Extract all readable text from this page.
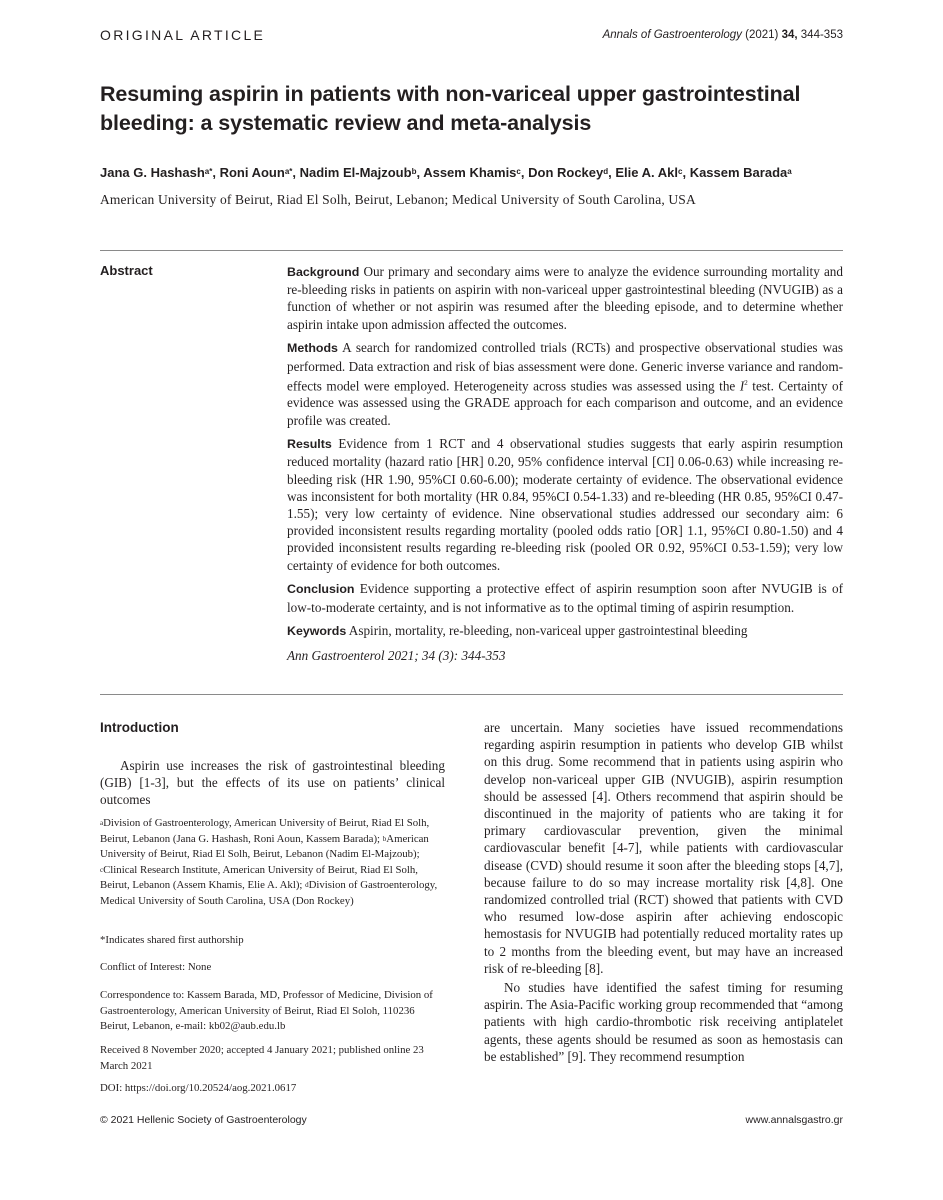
ORIGINAL ARTICLE	Annals of Gastroenterology (2021) 34, 344-353
Resuming aspirin in patients with non-variceal upper gastrointestinal bleeding: a systematic review and meta-analysis
Jana G. Hashash$^{a*}$, Roni Aoun$^{a*}$, Nadim El-Majzoub$^b$, Assem Khamis$^c$, Don Rockey$^d$, Elie A. Akl$^c$, Kassem Barada$^a$
American University of Beirut, Riad El Solh, Beirut, Lebanon; Medical University of South Carolina, USA
Abstract	Background Our primary and secondary aims were to analyze the evidence surrounding mortality and re-bleeding risks in patients on aspirin with non-variceal upper gastrointestinal bleeding (NVUGIB) as a function of whether or not aspirin was resumed after the bleeding episode, and to determine whether aspirin intake upon admission affected the outcomes.

Methods A search for randomized controlled trials (RCTs) and prospective observational studies was performed. Data extraction and risk of bias assessment were done. Generic inverse variance and random-effects model were employed. Heterogeneity across studies was assessed using the $I^2$ test. Certainty of evidence was assessed using the GRADE approach for each comparison and outcome, and an evidence profile was created.

Results Evidence from 1 RCT and 4 observational studies suggests that early aspirin resumption reduced mortality (hazard ratio [HR] 0.20, 95% confidence interval [CI] 0.06-0.63) while increasing re-bleeding risk (HR 1.90, 95%CI 0.60-6.00); moderate certainty of evidence. The observational evidence was inconsistent for both mortality (HR 0.84, 95%CI 0.54-1.33) and re-bleeding (HR 0.85, 95%CI 0.47-1.55); very low certainty of evidence. Nine observational studies addressed our secondary aim: 6 provided inconsistent results regarding mortality (pooled odds ratio [OR] 1.1, 95%CI 0.80-1.50) and 4 provided inconsistent results regarding re-bleeding risk (pooled OR 0.92, 95%CI 0.53-1.59); very low certainty of evidence for both outcomes.

Conclusion Evidence supporting a protective effect of aspirin resumption soon after NVUGIB is of low-to-moderate certainty, and is not informative as to the optimal timing of aspirin resumption.

Keywords Aspirin, mortality, re-bleeding, non-variceal upper gastrointestinal bleeding

Ann Gastroenterol 2021; 34 (3): 344-353

Introduction

Aspirin use increases the risk of gastrointestinal bleeding (GIB) [1-3], but the effects of its use on patients’ clinical outcomes

$^a$Division of Gastroenterology, American University of Beirut, Riad El Solh, Beirut, Lebanon (Jana G. Hashash, Roni Aoun, Kassem Barada); $^b$American University of Beirut, Riad El Solh, Beirut, Lebanon (Nadim El-Majzoub); $^c$Clinical Research Institute, American University of Beirut, Riad El Solh, Beirut, Lebanon (Assem Khamis, Elie A. Akl); $^d$Division of Gastroenterology, Medical University of South Carolina, USA (Don Rockey)
*Indicates shared first authorship
Conflict of Interest: None
Correspondence to: Kassem Barada, MD, Professor of Medicine, Division of Gastroenterology, American University of Beirut, Riad El Soloh, 110236 Beirut, Lebanon, e-mail: kb02@aub.edu.lb
Received 8 November 2020; accepted 4 January 2021; published online 23 March 2021
DOI: https://doi.org/10.20524/aog.2021.0617

are uncertain. Many societies have issued recommendations regarding aspirin resumption in patients who develop GIB whilst on this drug. Some recommend that in patients using aspirin who develop non-variceal upper GIB (NVUGIB), aspirin resumption should be assessed [4]. Others recommend that aspirin should be discontinued in the majority of patients who are taking it for primary cardiovascular prevention, given the minimal cardiovascular benefit [4-7], while patients with cardiovascular disease (CVD) should resume it soon after the bleeding stops [4,7], because failure to do so may increase mortality risk [4,8]. One randomized controlled trial (RCT) showed that patients with CVD who resumed low-dose aspirin after achieving endoscopic hemostasis for NVUGIB had potentially reduced mortality rates up to 2 months from the bleeding event, but may have an increased risk of re-bleeding [8].

No studies have identified the safest timing for resuming aspirin. The Asia-Pacific working group recommended that “among patients with high cardio-thrombotic risk receiving antiplatelet agents, these agents should be resumed as soon as hemostasis can be established” [9]. They recommend resumption

© 2021 Hellenic Society of Gastroenterology	www.annalsgastro.gr
